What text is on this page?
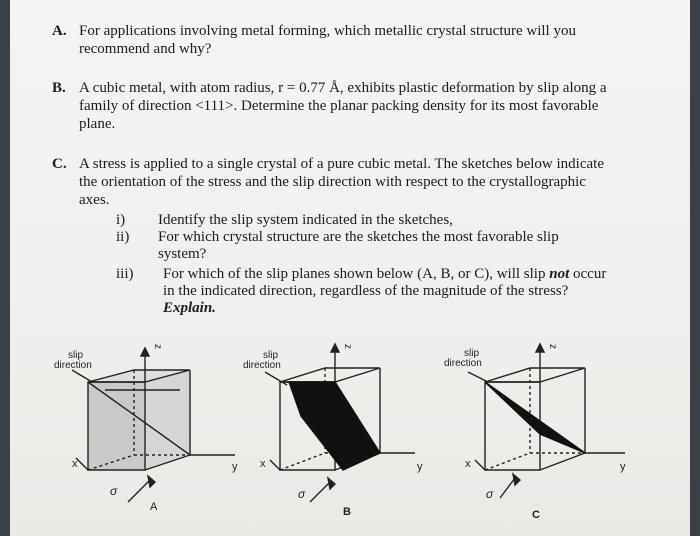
A. For applications involving metal forming, which metallic crystal structure will you
recommend and why?
B. A cubic metal, with atom radius, r = 0.77 Å, exhibits plastic deformation by slip along a
family of direction <111>. Determine the planar packing density for its most favorable
plane.
C. A stress is applied to a single crystal of a pure cubic metal. The sketches below indicate
the orientation of the stress and the slip direction with respect to the crystallographic
axes.
i) Identify the slip system indicated in the sketches,
ii) For which crystal structure are the sketches the most favorable slip
system?
iii) For which of the slip planes shown below (A, B, or C), will slip not occur
in the indicated direction, regardless of the magnitude of the stress?
Explain.
z
x	y
slip
direction
σ
A
z
x	y
slip
direction
σ
B
z
x	y
slip
direction
σ
C
